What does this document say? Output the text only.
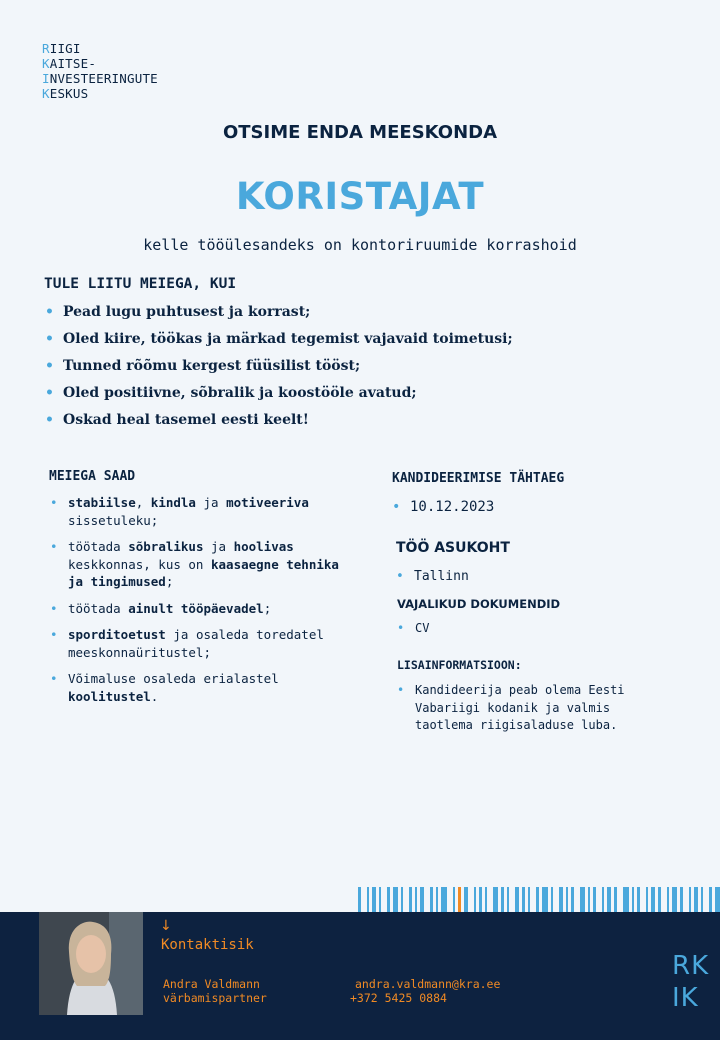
RIIGI
KAITSE-
INVESTEERINGUTE
KESKUS
OTSIME ENDA MEESKONDA
KORISTAJAT
kelle tööülesandeks on kontoriruumide korrashoid
TULE LIITU MEIEGA, KUI
• Pead lugu puhtusest ja korrast;
• Oled kiire, töökas ja märkad tegemist vajavaid toimetusi;
• Tunned rõõmu kergest füüsilist tööst;
• Oled positiivne, sõbralik ja koostööle avatud;
• Oskad heal tasemel eesti keelt!
MEIEGA SAAD
• stabiilse, kindla ja motiveeriva sissetuleku;
• töötada sõbralikus ja hoolivas keskkonnas, kus on kaasaegne tehnika ja tingimused;
• töötada ainult tööpäevadel;
• sporditoetust ja osaleda toredatel meeskonnaüritustel;
• Võimaluse osaleda erialastel koolitustel.
KANDIDEERIMISE TÄHTAEG
• 10.12.2023
TÖÖ ASUKOHT
• Tallinn
VAJALIKUD DOKUMENDID
• CV
LISAINFORMATSIOON:
• Kandideerija peab olema Eesti Vabariigi kodanik ja valmis taotlema riigisaladuse luba.
↓
Kontaktisik
Andra Valdmann
värbamispartner
andra.valdmann@kra.ee
+372 5425 0884
RK
IK
